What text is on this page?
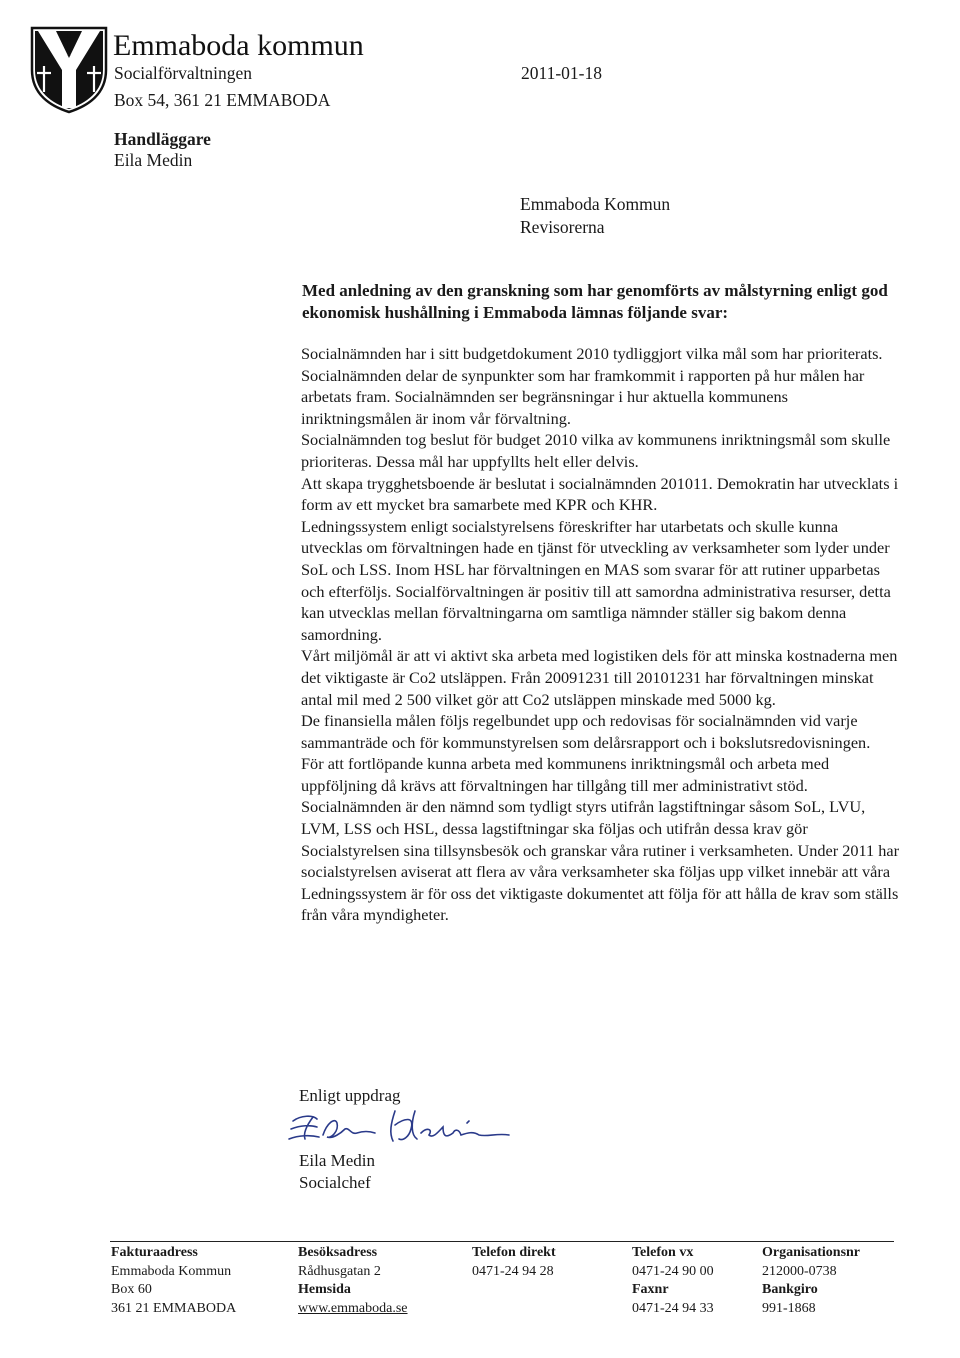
Emmaboda kommun
Socialförvaltningen
Box 54, 361 21 EMMABODA
2011-01-18
Handläggare
Eila Medin
Emmaboda Kommun
Revisorerna
Med anledning av den granskning som har genomförts av målstyrning enligt god ekonomisk hushållning i Emmaboda lämnas följande svar:

Socialnämnden har i sitt budgetdokument 2010 tydliggjort vilka mål som har prioriterats. Socialnämnden delar de synpunkter som har framkommit i rapporten på hur målen har arbetats fram. Socialnämnden ser begränsningar i hur aktuella kommunens inriktningsmålen är inom vår förvaltning.

Socialnämnden tog beslut för budget 2010 vilka av kommunens inriktningsmål som skulle prioriteras. Dessa mål har uppfyllts helt eller delvis.

Att skapa trygghetsboende är beslutat i socialnämnden 201011. Demokratin har utvecklats i form av ett mycket bra samarbete med KPR och KHR.

Ledningssystem enligt socialstyrelsens föreskrifter har utarbetats och skulle kunna utvecklas om förvaltningen hade en tjänst för utveckling av verksamheter som lyder under SoL och LSS. Inom HSL har förvaltningen en MAS som svarar för att rutiner upparbetas och efterföljs. Socialförvaltningen är positiv till att samordna administrativa resurser, detta kan utvecklas mellan förvaltningarna om samtliga nämnder ställer sig bakom denna samordning.

Vårt miljömål är att vi aktivt ska arbeta med logistiken dels för att minska kostnaderna men det viktigaste är Co2 utsläppen. Från 20091231 till 20101231 har förvaltningen minskat antal mil med 2 500 vilket gör att Co2 utsläppen minskade med 5000 kg.

De finansiella målen följs regelbundet upp och redovisas för socialnämnden vid varje sammanträde och för kommunstyrelsen som delårsrapport och i bokslutsredovisningen.

För att fortlöpande kunna arbeta med kommunens inriktningsmål och arbeta med uppföljning då krävs att förvaltningen har tillgång till mer administrativt stöd.

Socialnämnden är den nämnd som tydligt styrs utifrån lagstiftningar såsom SoL, LVU, LVM, LSS och HSL, dessa lagstiftningar ska följas och utifrån dessa krav gör Socialstyrelsen sina tillsynsbesök och granskar våra rutiner i verksamheten. Under 2011 har socialstyrelsen aviserat att flera av våra verksamheter ska följas upp vilket innebär att våra Ledningssystem är för oss det viktigaste dokumentet att följa för att hålla de krav som ställs från våra myndigheter.

Enligt uppdrag
Eila Medin
Socialchef
Fakturaadress
Emmaboda Kommun
Box 60
361 21 EMMABODA
Besöksadress
Rådhusgatan 2
Hemsida
www.emmaboda.se
Telefon direkt
0471-24 94 28
Telefon vx
0471-24 90 00
Faxnr
0471-24 94 33
Organisationsnr
212000-0738
Bankgiro
991-1868
